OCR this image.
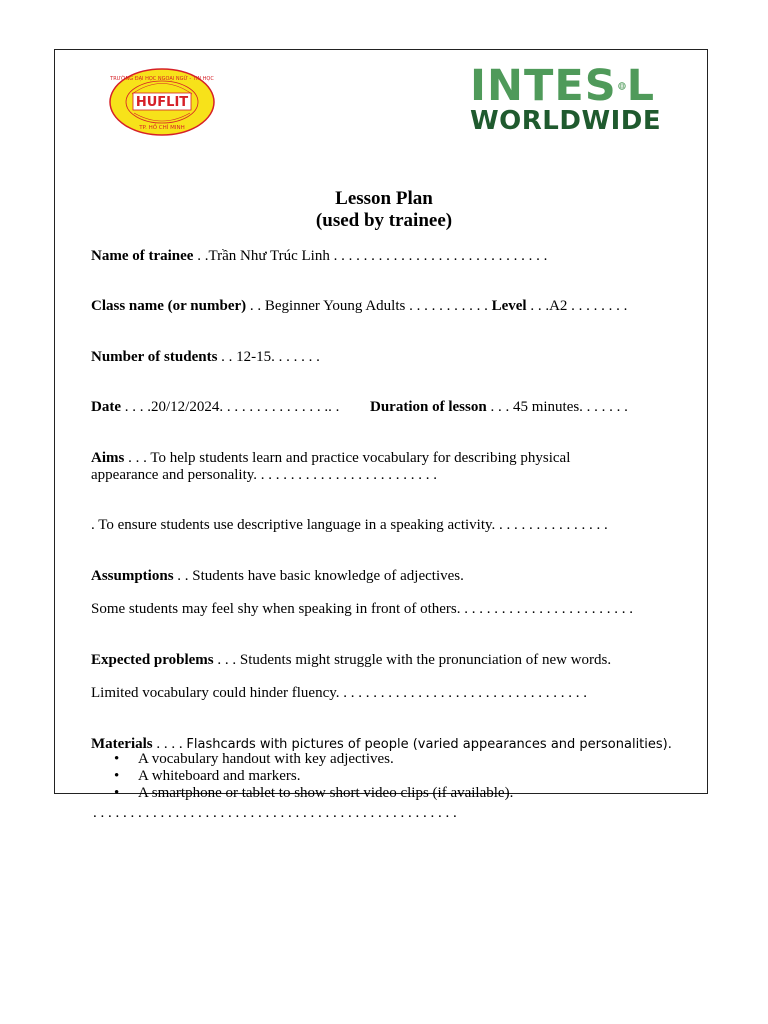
TRƯỜNG ĐẠI HỌC NGOẠI NGỮ - TIN HỌC
HUFLIT
TP. HỒ CHÍ MINH
INTES L
WORLDWIDE
Lesson Plan
(used by trainee)
Name of trainee . .Trần Như Trúc Linh . . . . . . . . . . . . . . . . . . . . . . . . . . . . .
Class name (or number) . . Beginner Young Adults . . . . . . . . . . . Level . . .A2 . . . . . . . .
Number of students . . 12-15. . . . . . .
Date . . . .20/12/2024. . . . . . . . . . . . . . .. . Duration of lesson . . . 45 minutes. . . . . . .
Aims . . . To help students learn and practice vocabulary for describing physical
appearance and personality. . . . . . . . . . . . . . . . . . . . . . . . .
. To ensure students use descriptive language in a speaking activity. . . . . . . . . . . . . . . .
Assumptions . . Students have basic knowledge of adjectives.
Some students may feel shy when speaking in front of others. . . . . . . . . . . . . . . . . . . . . . . .
Expected problems . . . Students might struggle with the pronunciation of new words.
Limited vocabulary could hinder fluency. . . . . . . . . . . . . . . . . . . . . . . . . . . . . . . . . .
Materials . . . . Flashcards with pictures of people (varied appearances and personalities).
• A vocabulary handout with key adjectives.
• A whiteboard and markers.
• A smartphone or tablet to show short video clips (if available).
. . . . . . . . . . . . . . . . . . . . . . . . . . . . . . . . . . . . . . . . . . . . . . . . .
